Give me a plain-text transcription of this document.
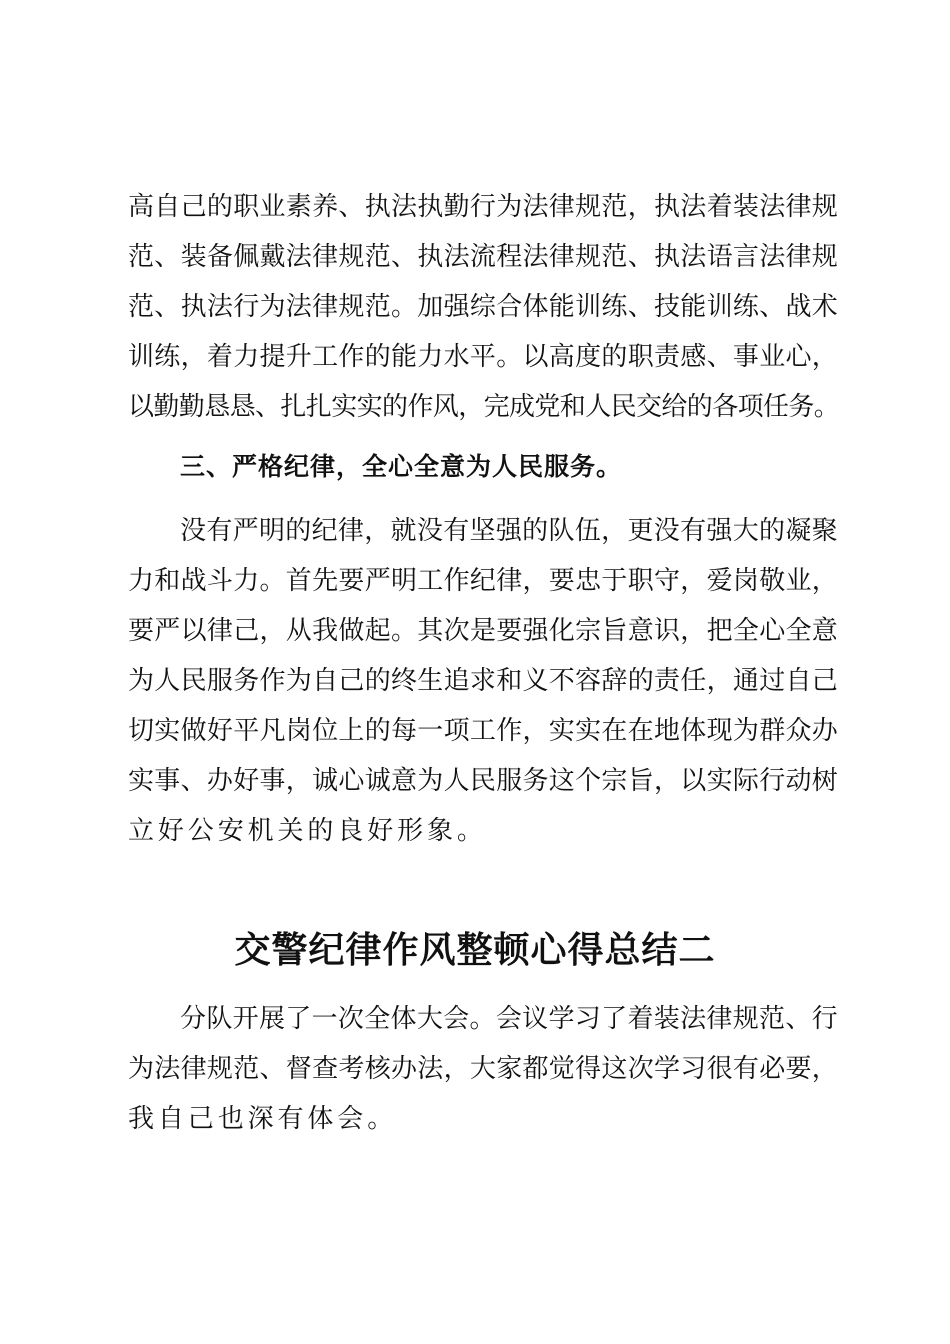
高自己的职业素养、执法执勤行为法律规范，执法着装法律规
范、装备佩戴法律规范、执法流程法律规范、执法语言法律规
范、执法行为法律规范。加强综合体能训练、技能训练、战术
训练，着力提升工作的能力水平。以高度的职责感、事业心，
以勤勤恳恳、扎扎实实的作风，完成党和人民交给的各项任务。
三、严格纪律，全心全意为人民服务。
没有严明的纪律，就没有坚强的队伍，更没有强大的凝聚
力和战斗力。首先要严明工作纪律，要忠于职守，爱岗敬业，
要严以律己，从我做起。其次是要强化宗旨意识，把全心全意
为人民服务作为自己的终生追求和义不容辞的责任，通过自己
切实做好平凡岗位上的每一项工作，实实在在地体现为群众办
实事、办好事，诚心诚意为人民服务这个宗旨，以实际行动树
立好公安机关的良好形象。
交警纪律作风整顿心得总结二
分队开展了一次全体大会。会议学习了着装法律规范、行
为法律规范、督查考核办法，大家都觉得这次学习很有必要，
我自己也深有体会。
